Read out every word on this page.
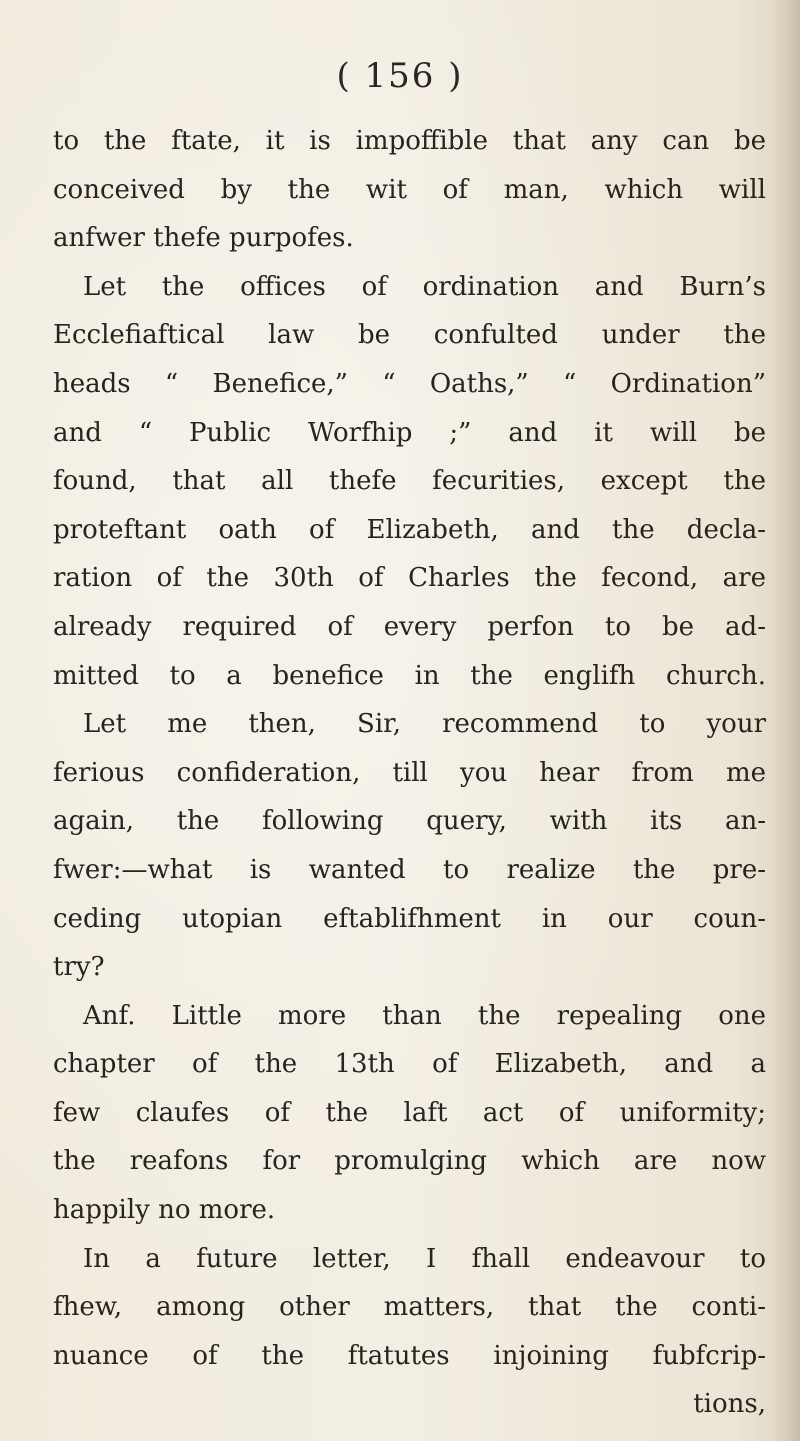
( 156 )
to the ftate, it is impoffible that any can be
conceived by the wit of man, which will
anfwer thefe purpofes.
Let the offices of ordination and Burn’s
Ecclefiaftical law be confulted under the
heads “ Benefice,” “ Oaths,” “ Ordination”
and “ Public Worfhip ;” and it will be
found, that all thefe fecurities, except the
proteftant oath of Elizabeth, and the decla-
ration of the 30th of Charles the fecond, are
already required of every perfon to be ad-
mitted to a benefice in the englifh church.
Let me then, Sir, recommend to your
ferious confideration, till you hear from me
again, the following query, with its an-
fwer:—what is wanted to realize the pre-
ceding utopian eftablifhment in our coun-
try?
Anf. Little more than the repealing one
chapter of the 13th of Elizabeth, and a
few claufes of the laft act of uniformity;
the reafons for promulging which are now
happily no more.
In a future letter, I fhall endeavour to
fhew, among other matters, that the conti-
nuance of the ftatutes injoining fubfcrip-
tions,
